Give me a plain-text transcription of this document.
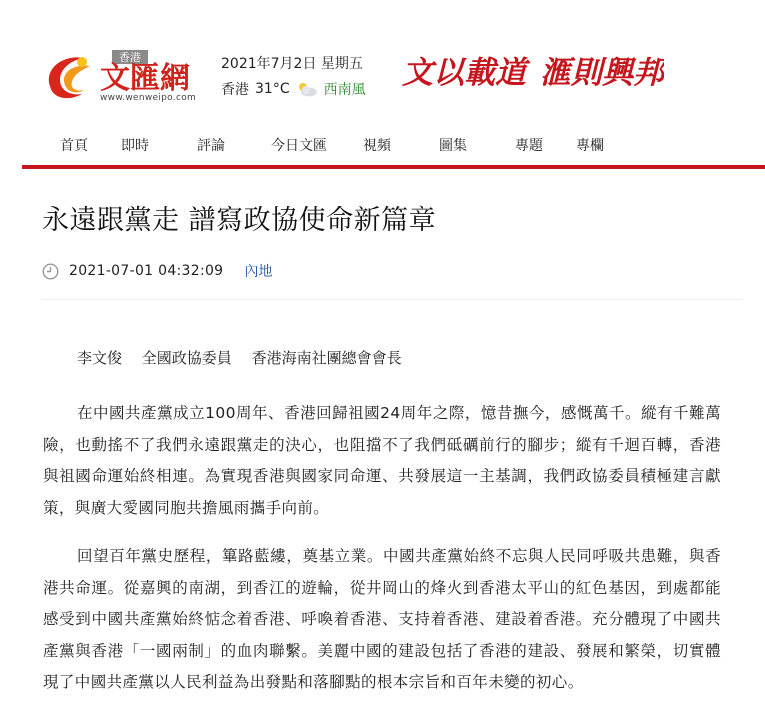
香港
文匯網
www.wenweipo.com
2021年7月2日 星期五
香港 31°C 西南風 文以載道 滙則興邦
首頁 即時	評論	今日文匯	視頻	圖集	專題 專欄
永遠跟黨走 譜寫政協使命新篇章
2021-07-01 04:32:09 內地
李文俊 全國政協委員 香港海南社團總會會長

在中國共產黨成立100周年、香港回歸祖國24周年之際，憶昔撫今，感慨萬千。縱有千難萬險，也動搖不了我們永遠跟黨走的決心，也阻擋不了我們砥礪前行的腳步；縱有千迴百轉，香港與祖國命運始終相連。為實現香港與國家同命運、共發展這一主基調，我們政協委員積極建言獻策，與廣大愛國同胞共擔風雨攜手向前。

回望百年黨史歷程，篳路藍縷，奠基立業。中國共產黨始終不忘與人民同呼吸共患難，與香港共命運。從嘉興的南湖，到香江的遊輪，從井岡山的烽火到香港太平山的紅色基因，到處都能感受到中國共產黨始終惦念着香港、呼喚着香港、支持着香港、建設着香港。充分體現了中國共產黨與香港「一國兩制」的血肉聯繫。美麗中國的建設包括了香港的建設、發展和繁榮，切實體現了中國共產黨以人民利益為出發點和落腳點的根本宗旨和百年未變的初心。
